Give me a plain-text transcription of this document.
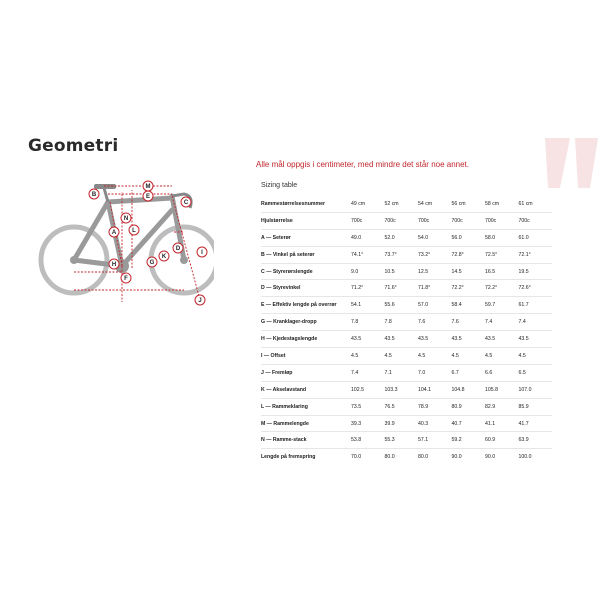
Geometri
Alle mål oppgis i centimeter, med mindre det står noe annet.
Sizing table
B
M
E
C
N
L
A
D
I
H
K
G
F
J
Rammestørrelsesnummer	49 cm	52 cm	54 cm	56 cm	58 cm	61 cm
Hjulstørrelse	700c	700c	700c	700c	700c	700c
A — Seterør	49.0	52.0	54.0	56.0	58.0	61.0
B — Vinkel på seterør	74.1°	73.7°	73.2°	72.8°	72.5°	72.1°
C — Styrerørslengde	9.0	10.5	12.5	14.5	16.5	19.5
D — Styrevinkel	71.2°	71.6°	71.8°	72.2°	72.2°	72.6°
E — Effektiv lengde på overrør	54.1	55.6	57.0	58.4	59.7	61.7
G — Kranklager-dropp	7.8	7.8	7.6	7.6	7.4	7.4
H — Kjedestagslengde	43.5	43.5	43.5	43.5	43.5	43.5
I — Offset	4.5	4.5	4.5	4.5	4.5	4.5
J — Fremløp	7.4	7.1	7.0	6.7	6.6	6.5
K — Akselavstand	102.5	103.3	104.1	104.8	105.8	107.0
L — Rammeklaring	73.5	76.5	78.9	80.9	82.9	85.9
M — Rammelengde	39.3	39.9	40.3	40.7	41.1	41.7
N — Ramme-stack	53.8	55.3	57.1	59.2	60.9	63.9
Lengde på fremspring	70.0	80.0	80.0	90.0	90.0	100.0
